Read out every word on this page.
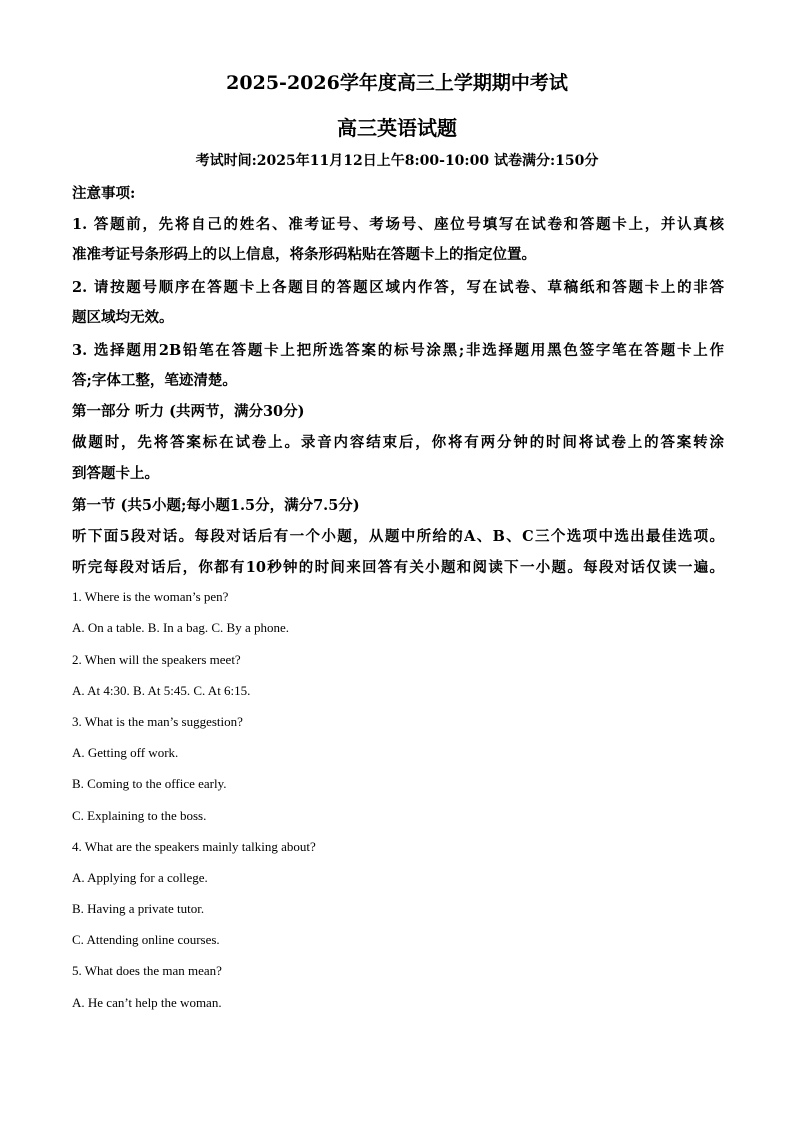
2025-2026学年度高三上学期期中考试
高三英语试题
考试时间:2025年11月12日上午8:00-10:00 试卷满分:150分
注意事项:
1. 答题前，先将自己的姓名、准考证号、考场号、座位号填写在试卷和答题卡上，并认真核
准准考证号条形码上的以上信息，将条形码粘贴在答题卡上的指定位置。
2. 请按题号顺序在答题卡上各题目的答题区域内作答，写在试卷、草稿纸和答题卡上的非答
题区域均无效。
3. 选择题用2B铅笔在答题卡上把所选答案的标号涂黑;非选择题用黑色签字笔在答题卡上作
答;字体工整，笔迹清楚。
第一部分 听力 (共两节，满分30分)
做题时，先将答案标在试卷上。录音内容结束后，你将有两分钟的时间将试卷上的答案转涂
到答题卡上。
第一节 (共5小题;每小题1.5分，满分7.5分)
听下面5段对话。每段对话后有一个小题，从题中所给的A、B、C三个选项中选出最佳选项。
听完每段对话后，你都有10秒钟的时间来回答有关小题和阅读下一小题。每段对话仅读一遍。
1. Where is the woman’s pen?
A. On a table. B. In a bag. C. By a phone.
2. When will the speakers meet?
A. At 4:30. B. At 5:45. C. At 6:15.
3. What is the man’s suggestion?
A. Getting off work.
B. Coming to the office early.
C. Explaining to the boss.
4. What are the speakers mainly talking about?
A. Applying for a college.
B. Having a private tutor.
C. Attending online courses.
5. What does the man mean?
A. He can’t help the woman.
